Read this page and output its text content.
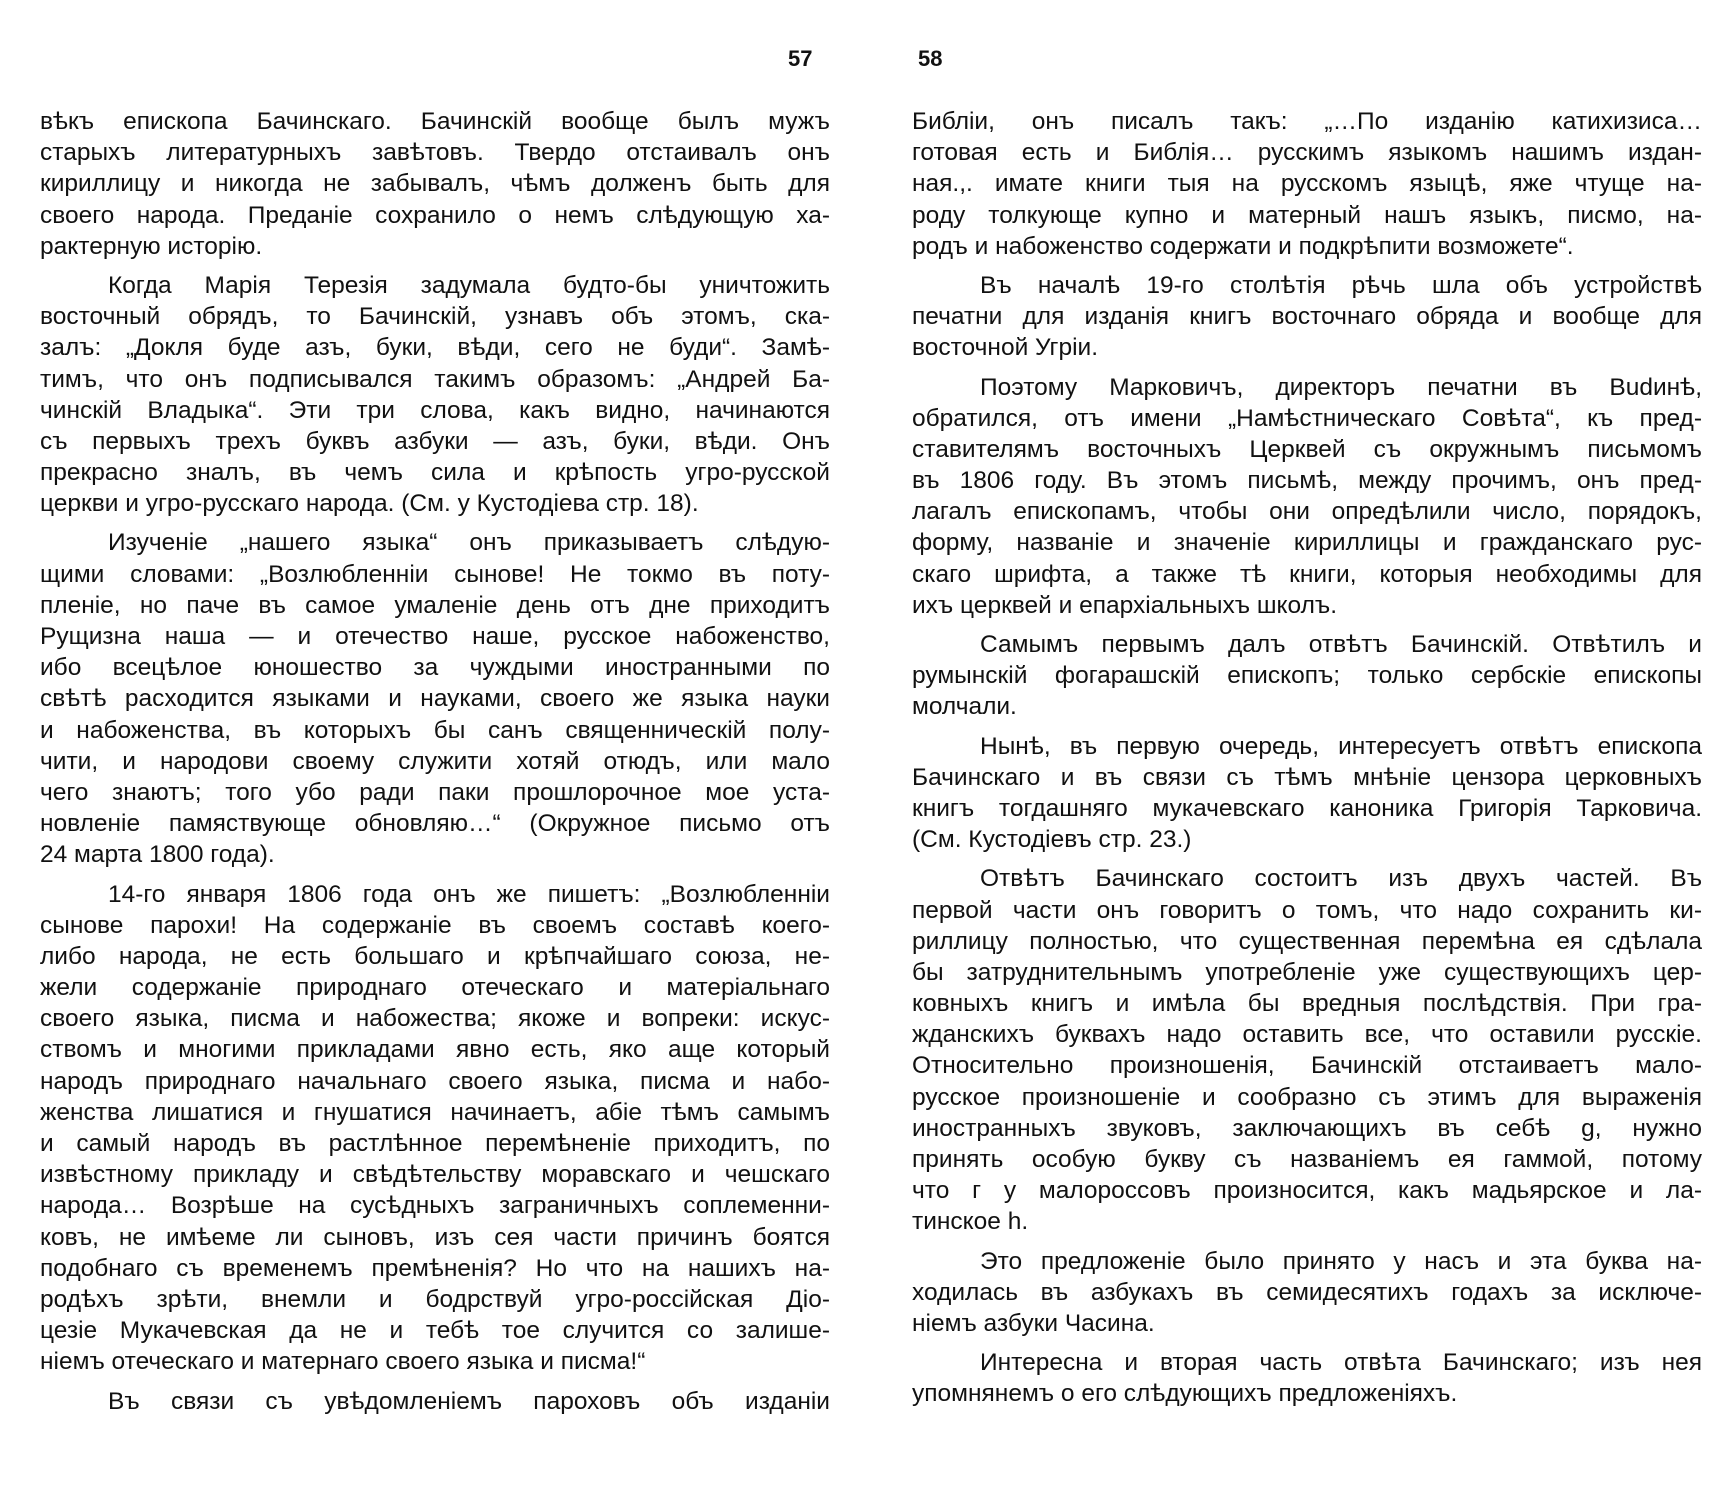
57
вѣкъ епископа Бачинскаго. Бачинскій вообще былъ мужъ
старыхъ литературныхъ завѣтовъ. Твердо отстаивалъ онъ
кириллицу и никогда не забывалъ, чѣмъ долженъ быть для
своего народа. Преданіе сохранило о немъ слѣдующую ха-
рактерную исторію.
Когда Марія Терезія задумала будто-бы уничтожить
восточный обрядъ, то Бачинскій, узнавъ объ этомъ, ска-
залъ: „Докля буде азъ, буки, вѣди, сего не буди“. Замѣ-
тимъ, что онъ подписывался такимъ образомъ: „Андрей Ба-
чинскій Владыка“. Эти три слова, какъ видно, начинаются
съ первыхъ трехъ буквъ азбуки — азъ, буки, вѣди. Онъ
прекрасно зналъ, въ чемъ сила и крѣпость угро-русской
церкви и угро-русскаго народа. (См. у Кустодіева стр. 18).
Изученіе „нашего языка“ онъ приказываетъ слѣдую-
щими словами: „Возлюбленніи сынове! Не токмо въ поту-
пленіе, но паче въ самое умаленіе день отъ дне приходитъ
Рущизна наша — и отечество наше, русское набоженство,
ибо всецѣлое юношество за чуждыми иностранными по
свѣтѣ расходится языками и науками, своего же языка науки
и набоженства, въ которыхъ бы санъ священническій полу-
чити, и народови своему служити хотяй отюдъ, или мало
чего знаютъ; того убо ради паки прошлорочное мое уста-
новленіе памяствующе обновляю…“ (Окружное письмо отъ
24 марта 1800 года).
14-го января 1806 года онъ же пишетъ: „Возлюбленніи
сынове пароxи! На содержаніе въ своемъ составѣ коего-
либо народа, не есть большаго и крѣпчайшаго союза, не-
жели содержаніе природнаго отеческаго и матеріальнаго
своего языка, писма и набожества; якоже и вопреки: искус-
ствомъ и многими прикладами явно есть, яко аще который
народъ природнаго начальнаго своего языка, писма и набо-
женства лишатися и гнушатися начинаетъ, абіе тѣмъ самымъ
и самый народъ въ растлѣнное перемѣненіе приходитъ, по
извѣстному прикладу и свѣдѣтельству моравскаго и чешскаго
народа… Возрѣше на сусѣдныхъ заграничныхъ соплеменни-
ковъ, не имѣеме ли сыновъ, изъ сея части причинъ боятся
подобнаго съ временемъ премѣненія? Но что на нашихъ на-
родѣхъ зрѣти, внемли и бодрствуй угро-россійская Діо-
цезіе Мукачевская да не и тебѣ тое случится со залише-
ніемъ отеческаго и матернаго своего языка и писма!“
Въ связи съ увѣдомленіемъ пароховъ объ изданіи
58
Библіи, онъ писалъ такъ: „…По изданію катихизиса…
готовая есть и Библія… русскимъ языкомъ нашимъ издан-
ная.,. имате книги тыя на русскомъ языцѣ, яже чтуще на-
роду толкующе купно и матерный нашъ языкъ, писмо, на-
родъ и набоженство содержати и подкрѣпити возможете“.
Въ началѣ 19-го столѣтія рѣчь шла объ устройствѣ
печатни для изданія книгъ восточнаго обряда и вообще для
восточной Угріи.
Поэтому Марковичъ, директоръ печатни въ Budинѣ,
обратился, отъ имени „Намѣстническаго Совѣта“, къ пред-
ставителямъ восточныхъ Церквей съ окружнымъ письмомъ
въ 1806 году. Въ этомъ письмѣ, между прочимъ, онъ пред-
лагалъ епископамъ, чтобы они опредѣлили число, порядокъ,
форму, названіе и значеніе кириллицы и гражданскаго рус-
скаго шрифта, а также тѣ книги, которыя необходимы для
ихъ церквей и епархіальныхъ школъ.
Самымъ первымъ далъ отвѣтъ Бачинскій. Отвѣтилъ и
румынскій фогарашскій епископъ; только сербскіе епископы
молчали.
Нынѣ, въ первую очередь, интересуетъ отвѣтъ епископа
Бачинскаго и въ связи съ тѣмъ мнѣніе цензора церковныхъ
книгъ тогдашняго мукачевскаго каноника Григорія Тарковича.
(См. Кустодіевъ стр. 23.)
Отвѣтъ Бачинскаго состоитъ изъ двухъ частей. Въ
первой части онъ говоритъ о томъ, что надо сохранить ки-
риллицу полностью, что существенная перемѣна ея сдѣлала
бы затруднительнымъ употребленіе уже существующихъ цер-
ковныхъ книгъ и имѣла бы вредныя послѣдствія. При гра-
жданскихъ буквахъ надо оставить все, что оставили русскіе.
Относительно произношенія, Бачинскій отстаиваетъ мало-
русское произношеніе и сообразно съ этимъ для выраженія
иностранныхъ звуковъ, заключающихъ въ себѣ g, нужно
принять особую букву съ названіемъ ея гаммой, потому
что г у малороссовъ произносится, какъ мадьярское и ла-
тинское h.
Это предложеніе было принято у насъ и эта буква на-
ходилась въ азбукахъ въ семидесятихъ годахъ за исключе-
ніемъ азбуки Часина.
Интересна и вторая часть отвѣта Бачинскаго; изъ нея
упомнянемъ о его слѣдующихъ предложеніяхъ.
